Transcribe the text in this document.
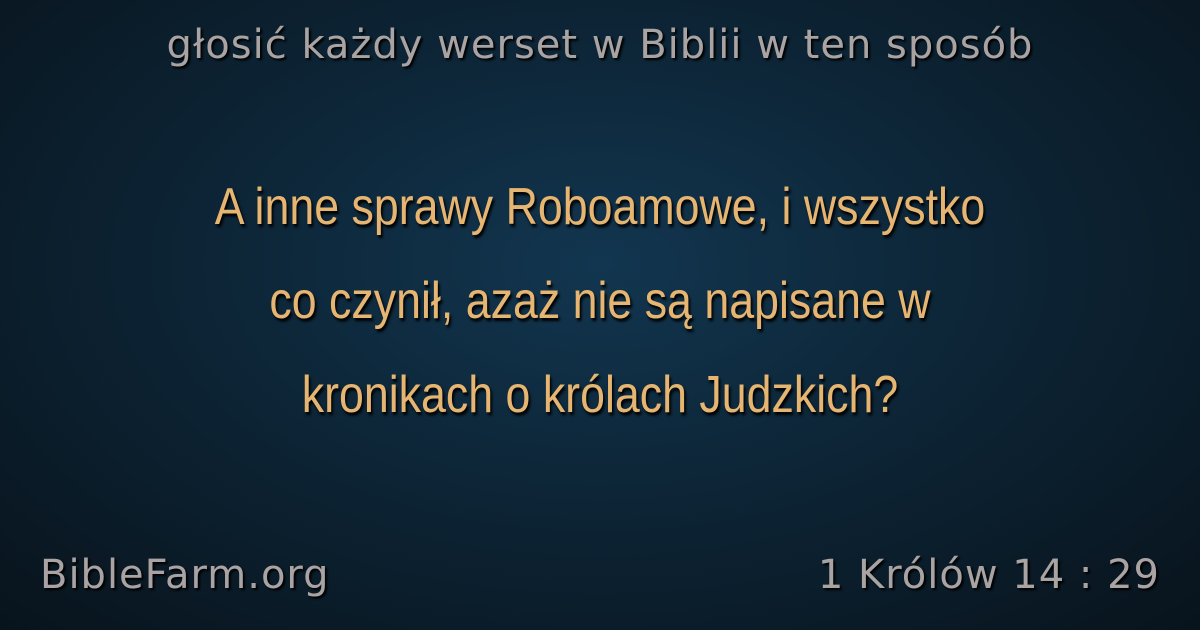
głosić każdy werset w Biblii w ten sposób
A inne sprawy Roboamowe, i wszystko
co czynił, azaż nie są napisane w
kronikach o królach Judzkich?
BibleFarm.org	1 Królów 14 : 29
